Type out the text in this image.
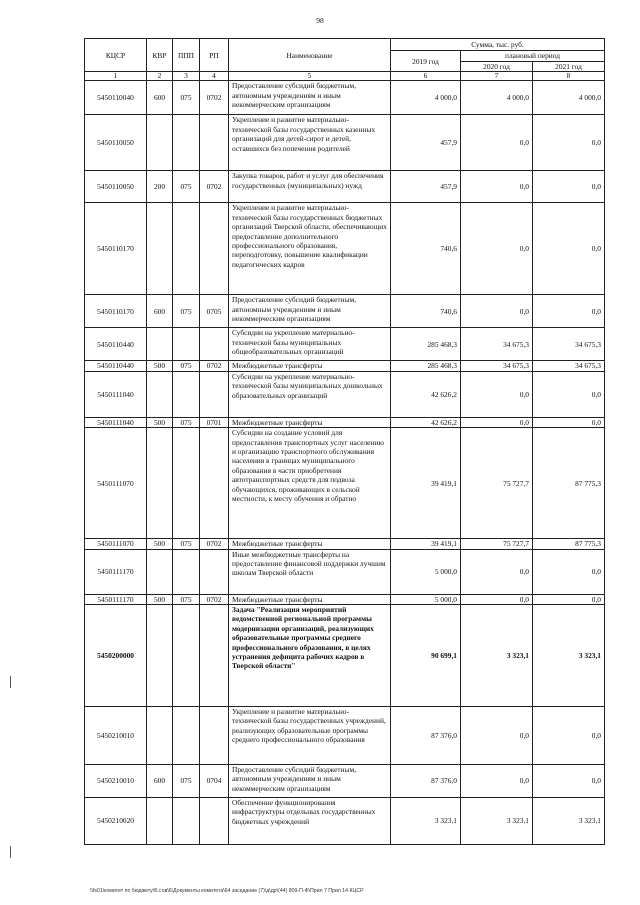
98
КЦСР	КВР	ППП	РП	Наименование	Сумма, тыс. руб.		
					2019 год	плановый период	
						2020 год	2021 год
1	2	3	4	5	6	7	8
5450110040	600	075	0702	Предоставление субсидий бюджетным, автономным учреждениям и иным некоммерческим организациям	4 000,0	4 000,0	4 000,0
5450110050				Укрепление и развитие материально-технической базы государственных казенных организаций для детей-сирот и детей, оставшихся без попечения родителей	457,9	0,0	0,0
5450110050	200	075	0702	Закупка товаров, работ и услуг для обеспечения государственных (муниципальных) нужд	457,9	0,0	0,0
5450110170				Укрепление и развитие материально-технической базы государственных бюджетных организаций Тверской области, обеспечивающих предоставление дополнительного профессионального образования, переподготовку, повышение квалификации педагогических кадров	740,6	0,0	0,0
5450110170	600	075	0705	Предоставление субсидий бюджетным, автономным учреждениям и иным некоммерческим организациям	740,6	0,0	0,0
5450110440				Субсидии на укрепление материально-технической базы муниципальных общеобразовательных организаций	285 468,3	34 675,3	34 675,3
5450110440	500	075	0702	Межбюджетные трансферты	285 468,3	34 675,3	34 675,3
5450111040				Субсидии на укрепление материально-технической базы муниципальных дошкольных образовательных организаций	42 626,2	0,0	0,0
5450111040	500	075	0701	Межбюджетные трансферты	42 626,2	0,0	0,0
5450111070				Субсидии на создание условий для предоставления транспортных услуг населению и организацию транспортного обслуживания населения в границах муниципального образования в части приобретения автотранспортных средств для подвоза обучающихся, проживающих в сельской местности, к месту обучения и обратно	39 419,1	75 727,7	87 775,3
5450111070	500	075	0702	Межбюджетные трансферты	39 419,1	75 727,7	87 775,3
5450111170				Иные межбюджетные трансферты на предоставление финансовой поддержки лучшим школам Тверской области	5 000,0	0,0	0,0
5450111170	500	075	0702	Межбюджетные трансферты	5 000,0	0,0	0,0
5450200000				Задача "Реализация мероприятий ведомственной региональной программы модернизации организаций, реализующих образовательные программы среднего профессионального образования, в целях устранения дефицита рабочих кадров в Тверской области"	90 699,1	3 323,1	3 323,1
5450210010				Укрепление и развитие материально-технической базы государственных учреждений, реализующих образовательные программы среднего профессионального образования	87 376,0	0,0	0,0
5450210010	600	075	0704	Предоставление субсидий бюджетным, автономным учреждениям и иным некоммерческим организациям	87 376,0	0,0	0,0
5450210020				Обеспечение функционирования инфраструктуры отдельных государственных бюджетных учреждений	3 323,1	3 323,1	3 323,1
\\fs01\комитет по бюджету\Б.сов\6\Документы комитета\64 заседание (7)\д\др\(44) 809-П-Ф\Прил 7 Прил 14 КЦСР
